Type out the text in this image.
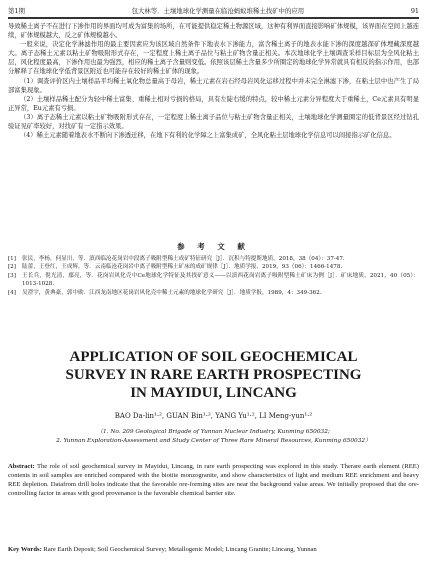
第1期	包大林等．土壤地球化学测量在临沧蚂蚁堆稀土找矿中的应用	91

导致稀土离子不在进行下渗作用的界面均可成为富集的场所，在可能提供稳定稀土物源区域，这种有利界面直接影响矿体规模，该界面在空间上越连续，矿体规模越大，反之矿体规模越小。

一般来说，决定化学淋滤作用的最主要因素应为该区域自然条件下地表水下渗能力，富含稀土离子的地表水能下渗的深度越深矿体埋藏深度越大。离子态稀土元素以粘土矿物吸附形式存在，一定程度上稀土离子品位与粘土矿物含量正相关。本次地球化学土壤调查采样目标层为全风化粘土层，风化程度最高，下渗作用也最为强烈，相应的稀土离子含量则变低。依照该层稀土含量多少所圈定的地球化学异常就具有相反的指示作用，也部分解释了在地球化学低背景区附近也可能存在较好的稀土矿体的现象。

（1）调查评价区内土壤样品平均稀土氧化物总量高于母岩，稀土元素在岩石经母岩风化运移过程中并未完全淋滤下渗，在粘土层中也产生了局部富集现象。

（2）土壤样品稀土配分为轻中稀土富集、重稀土相对亏损的格局，具有左陡右缓的特点，较中稀土元素分异程度大于重稀土，Ce元素具有明显正异常，Eu元素有亏损。

（3）离子态稀土元素以粘土矿物吸附形式存在，一定程度上稀土离子品位与粘土矿物含量正相关，土壤地球化学测量圈定的低背景区经过钻孔验证见矿率较好，对找矿有一定指示效果。

（4）稀土元素随着地表水不断向下渗透迁移，在地下有利的化学障之上富集成矿，全风化粘土层地球化学信息可以间接指示矿化信息。

参 考 文 献
[1]	张民，李杨，何显川，等．滇西临沧花岗岩中段离子吸附型稀土成矿特征研究［J］．沉积与特提斯地质，2018，38（04）：37-47.
[2]	陆蕾，王登红，王成辉，等．云南临沧花岗岩中离子吸附型稀土矿床的成矿规律［J］．地质学报，2019，93（06）：1466-1478.
[3]	王长兵，倪光清，鄢亮，等．花岗岩风化壳中Ce地球化学特征及其找矿意义——以滇西花岗岩离子吸附型稀土矿床为例［J］．矿床地质，2021，40（05）：1013-1028.
[4]	吴澄宇，黄典豪，郭中勋．江西龙南地区花岗岩风化壳中稀土元素的地球化学研究［J］．地质学报，1989，4：349-362.
APPLICATION OF SOIL GEOCHEMICAL
SURVEY IN RARE EARTH PROSPECTING
IN MAYIDUI, LINCANG
BAO Da-lin¹·², GUAN Bin¹·², YANG Yu¹·², LI Meng-yun¹·²
（1. No. 209 Geological Brigade of Yunnan Nuclear Industry, Kunming 650032;
2. Yunnan Exploration-Assessment and Study Center of Three Rare Mineral Resources, Kunming 650032）
Abstract: The role of soil geochemical survey in Mayidui, Lincang, in rare earth prospecting was explored in this study. Therare earth element (REE) contents in soil samples are enriched compared with the biotite monzogranite, and show characteristics of light and medium REE enrichment and heavy REE depletion. Datafrom drill holes indicate that the favorable ore-forming sites are near the background value areas. We initially proposed that the ore-controlling factor in areas with good provenance is the favorable chemical barrier site.
Key Words: Rare Earth Deposit; Soil Geochemical Survey; Metallogenic Model; Lincang Granite; Lincang, Yunnan
